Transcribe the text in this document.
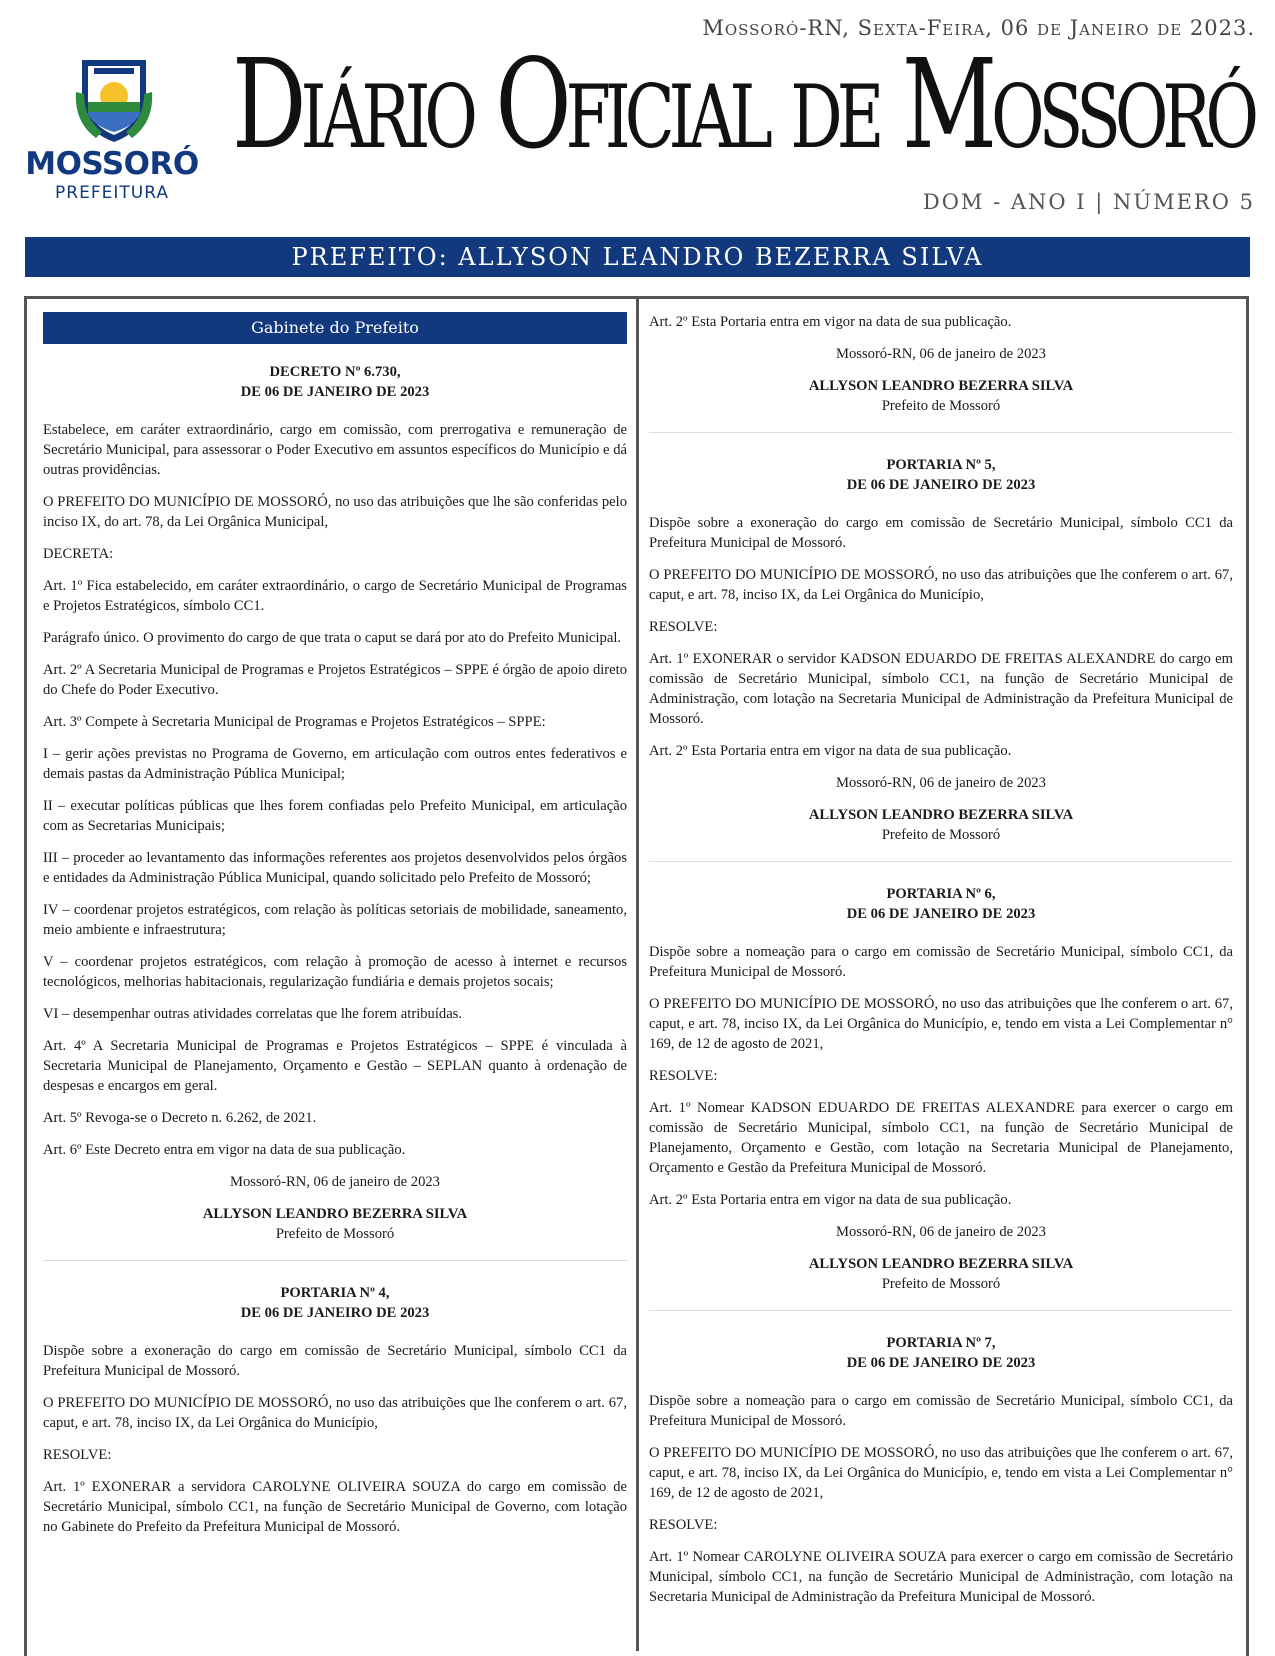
Mossoró-RN, Sexta-Feira, 06 de Janeiro de 2023.
MOSSORÓ
PREFEITURA
Diário Oficial de Mossoró
DOM - ANO I | NÚMERO 5
PREFEITO: ALLYSON LEANDRO BEZERRA SILVA
Gabinete do Prefeito
DECRETO Nº 6.730,
DE 06 DE JANEIRO DE 2023

Estabelece, em caráter extraordinário, cargo em comissão, com prerrogativa e remuneração de Secretário Municipal, para assessorar o Poder Executivo em assuntos específicos do Município e dá outras providências.

O PREFEITO DO MUNICÍPIO DE MOSSORÓ, no uso das atribuições que lhe são conferidas pelo inciso IX, do art. 78, da Lei Orgânica Municipal,

DECRETA:

Art. 1º Fica estabelecido, em caráter extraordinário, o cargo de Secretário Municipal de Programas e Projetos Estratégicos, símbolo CC1.

Parágrafo único. O provimento do cargo de que trata o caput se dará por ato do Prefeito Municipal.

Art. 2º A Secretaria Municipal de Programas e Projetos Estratégicos – SPPE é órgão de apoio direto do Chefe do Poder Executivo.

Art. 3º Compete à Secretaria Municipal de Programas e Projetos Estratégicos – SPPE:

I – gerir ações previstas no Programa de Governo, em articulação com outros entes federativos e demais pastas da Administração Pública Municipal;

II – executar políticas públicas que lhes forem confiadas pelo Prefeito Municipal, em articulação com as Secretarias Municipais;

III – proceder ao levantamento das informações referentes aos projetos desenvolvidos pelos órgãos e entidades da Administração Pública Municipal, quando solicitado pelo Prefeito de Mossoró;

IV – coordenar projetos estratégicos, com relação às políticas setoriais de mobilidade, saneamento, meio ambiente e infraestrutura;

V – coordenar projetos estratégicos, com relação à promoção de acesso à internet e recursos tecnológicos, melhorias habitacionais, regularização fundiária e demais projetos socais;

VI – desempenhar outras atividades correlatas que lhe forem atribuídas.

Art. 4º A Secretaria Municipal de Programas e Projetos Estratégicos – SPPE é vinculada à Secretaria Municipal de Planejamento, Orçamento e Gestão – SEPLAN quanto à ordenação de despesas e encargos em geral.

Art. 5º Revoga-se o Decreto n. 6.262, de 2021.

Art. 6º Este Decreto entra em vigor na data de sua publicação.

Mossoró-RN, 06 de janeiro de 2023

ALLYSON LEANDRO BEZERRA SILVA

Prefeito de Mossoró

PORTARIA Nº 4,
DE 06 DE JANEIRO DE 2023

Dispõe sobre a exoneração do cargo em comissão de Secretário Municipal, símbolo CC1 da Prefeitura Municipal de Mossoró.

O PREFEITO DO MUNICÍPIO DE MOSSORÓ, no uso das atribuições que lhe conferem o art. 67, caput, e art. 78, inciso IX, da Lei Orgânica do Município,

RESOLVE:

Art. 1º EXONERAR a servidora CAROLYNE OLIVEIRA SOUZA do cargo em comissão de Secretário Municipal, símbolo CC1, na função de Secretário Municipal de Governo, com lotação no Gabinete do Prefeito da Prefeitura Municipal de Mossoró.

Art. 2º Esta Portaria entra em vigor na data de sua publicação.

Mossoró-RN, 06 de janeiro de 2023

ALLYSON LEANDRO BEZERRA SILVA

Prefeito de Mossoró

PORTARIA Nº 5,
DE 06 DE JANEIRO DE 2023

Dispõe sobre a exoneração do cargo em comissão de Secretário Municipal, símbolo CC1 da Prefeitura Municipal de Mossoró.

O PREFEITO DO MUNICÍPIO DE MOSSORÓ, no uso das atribuições que lhe conferem o art. 67, caput, e art. 78, inciso IX, da Lei Orgânica do Município,

RESOLVE:

Art. 1º EXONERAR o servidor KADSON EDUARDO DE FREITAS ALEXANDRE do cargo em comissão de Secretário Municipal, símbolo CC1, na função de Secretário Municipal de Administração, com lotação na Secretaria Municipal de Administração da Prefeitura Municipal de Mossoró.

Art. 2º Esta Portaria entra em vigor na data de sua publicação.

Mossoró-RN, 06 de janeiro de 2023

ALLYSON LEANDRO BEZERRA SILVA

Prefeito de Mossoró

PORTARIA Nº 6,
DE 06 DE JANEIRO DE 2023

Dispõe sobre a nomeação para o cargo em comissão de Secretário Municipal, símbolo CC1, da Prefeitura Municipal de Mossoró.

O PREFEITO DO MUNICÍPIO DE MOSSORÓ, no uso das atribuições que lhe conferem o art. 67, caput, e art. 78, inciso IX, da Lei Orgânica do Município, e, tendo em vista a Lei Complementar n° 169, de 12 de agosto de 2021,

RESOLVE:

Art. 1º Nomear KADSON EDUARDO DE FREITAS ALEXANDRE para exercer o cargo em comissão de Secretário Municipal, símbolo CC1, na função de Secretário Municipal de Planejamento, Orçamento e Gestão, com lotação na Secretaria Municipal de Planejamento, Orçamento e Gestão da Prefeitura Municipal de Mossoró.

Art. 2º Esta Portaria entra em vigor na data de sua publicação.

Mossoró-RN, 06 de janeiro de 2023

ALLYSON LEANDRO BEZERRA SILVA

Prefeito de Mossoró

PORTARIA Nº 7,
DE 06 DE JANEIRO DE 2023

Dispõe sobre a nomeação para o cargo em comissão de Secretário Municipal, símbolo CC1, da Prefeitura Municipal de Mossoró.

O PREFEITO DO MUNICÍPIO DE MOSSORÓ, no uso das atribuições que lhe conferem o art. 67, caput, e art. 78, inciso IX, da Lei Orgânica do Município, e, tendo em vista a Lei Complementar n° 169, de 12 de agosto de 2021,

RESOLVE:

Art. 1º Nomear CAROLYNE OLIVEIRA SOUZA para exercer o cargo em comissão de Secretário Municipal, símbolo CC1, na função de Secretário Municipal de Administração, com lotação na Secretaria Municipal de Administração da Prefeitura Municipal de Mossoró.
